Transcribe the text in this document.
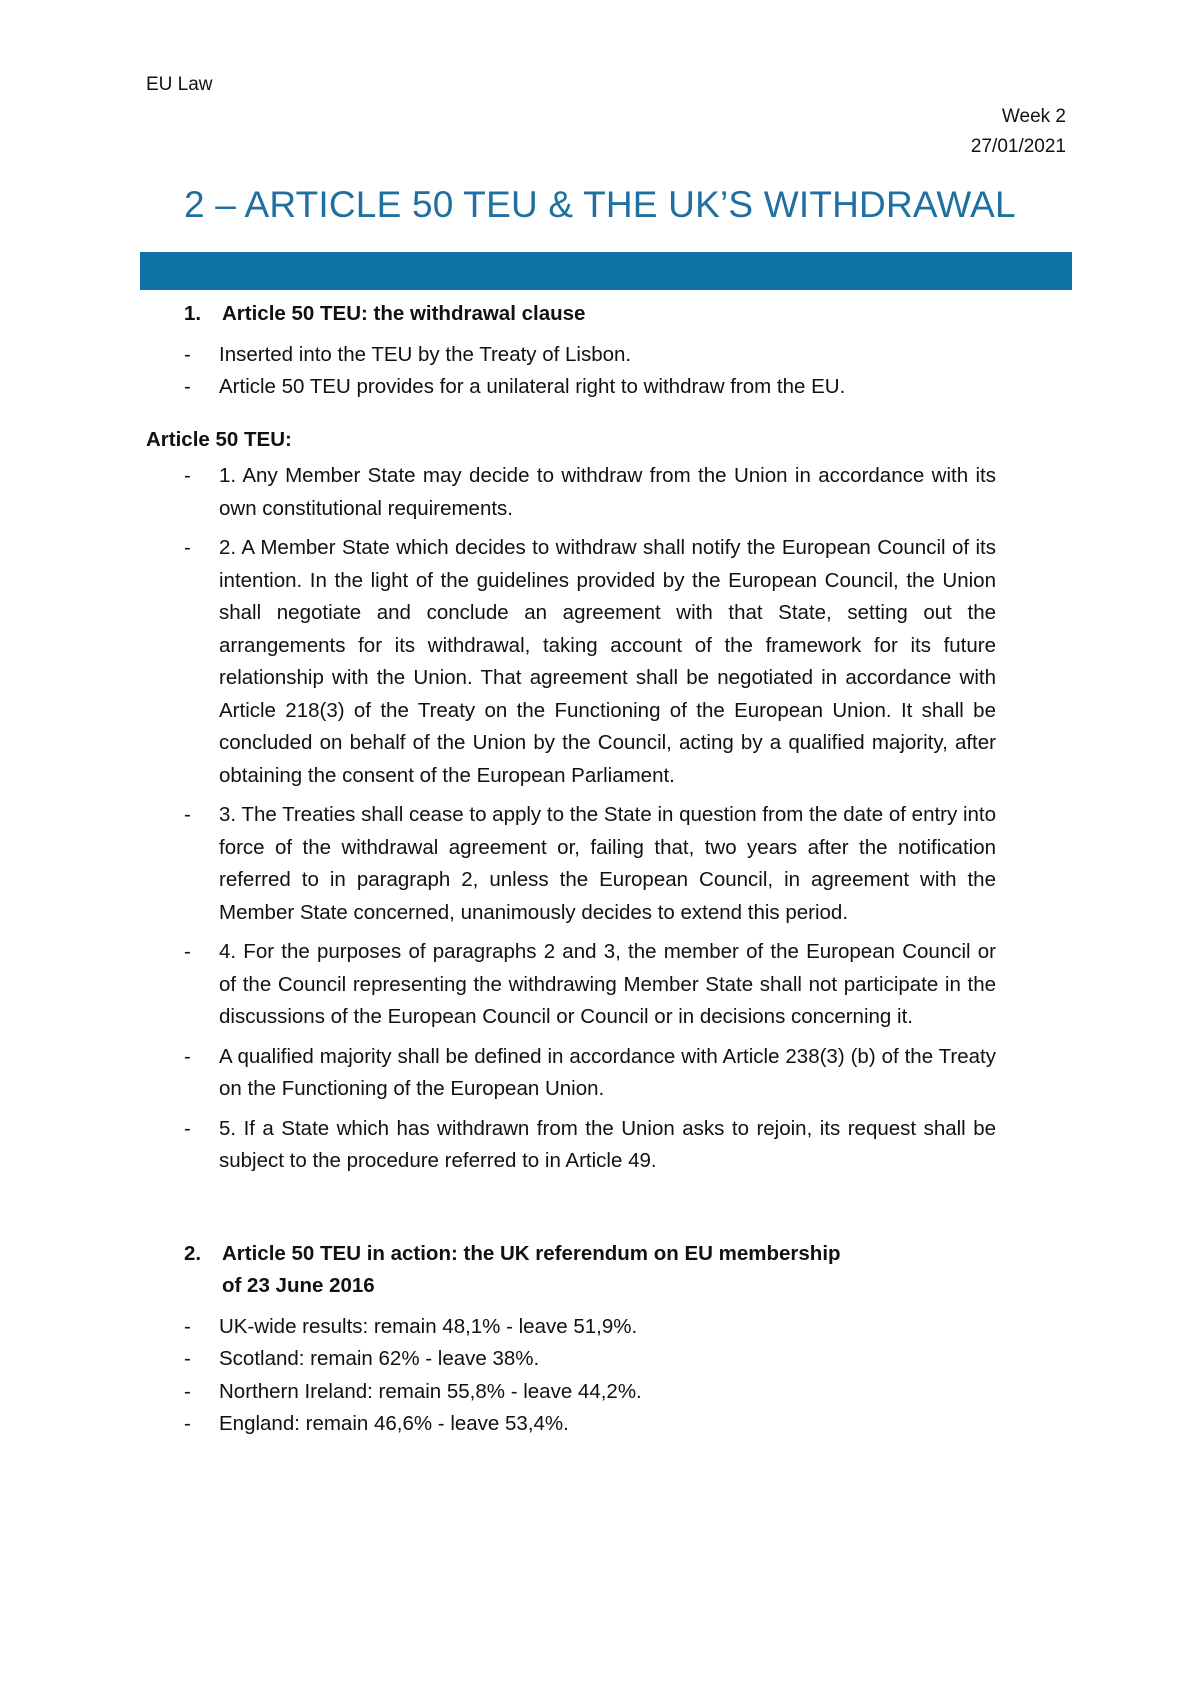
EU Law
Week 2
27/01/2021
2 – ARTICLE 50 TEU & THE UK’S WITHDRAWAL
1.	Article 50 TEU: the withdrawal clause
-	Inserted into the TEU by the Treaty of Lisbon.
-	Article 50 TEU provides for a unilateral right to withdraw from the EU.
Article 50 TEU:
-	1. Any Member State may decide to withdraw from the Union in accordance with its own constitutional requirements.
-	2. A Member State which decides to withdraw shall notify the European Council of its intention. In the light of the guidelines provided by the European Council, the Union shall negotiate and conclude an agreement with that State, setting out the arrangements for its withdrawal, taking account of the framework for its future relationship with the Union. That agreement shall be negotiated in accordance with Article 218(3) of the Treaty on the Functioning of the European Union. It shall be concluded on behalf of the Union by the Council, acting by a qualified majority, after obtaining the consent of the European Parliament.
-	3. The Treaties shall cease to apply to the State in question from the date of entry into force of the withdrawal agreement or, failing that, two years after the notification referred to in paragraph 2, unless the European Council, in agreement with the Member State concerned, unanimously decides to extend this period.
-	4. For the purposes of paragraphs 2 and 3, the member of the European Council or of the Council representing the withdrawing Member State shall not participate in the discussions of the European Council or Council or in decisions concerning it.
-	A qualified majority shall be defined in accordance with Article 238(3) (b) of the Treaty on the Functioning of the European Union.
-	5. If a State which has withdrawn from the Union asks to rejoin, its request shall be subject to the procedure referred to in Article 49.
2.	Article 50 TEU in action: the UK referendum on EU membership of 23 June 2016
-	UK-wide results: remain 48,1% - leave 51,9%.
-	Scotland: remain 62% - leave 38%.
-	Northern Ireland: remain 55,8% - leave 44,2%.
-	England: remain 46,6% - leave 53,4%.
